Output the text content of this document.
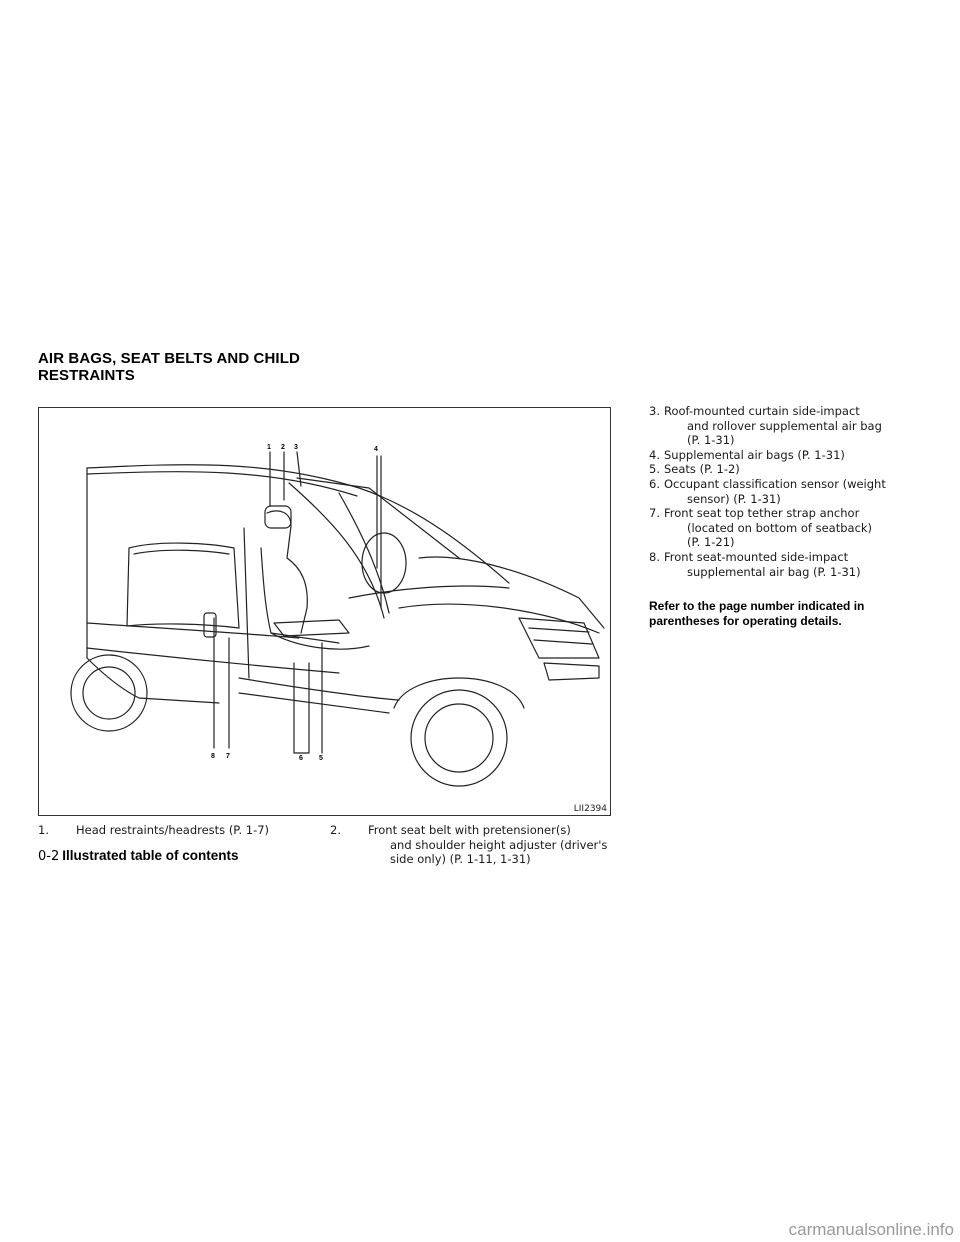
AIR BAGS, SEAT BELTS AND CHILD
RESTRAINTS
1 2 3	4
5
6
7
8
LII2394
1. Head restraints/headrests (P. 1-7)	2. Front seat belt with pretensioner(s)
and shoulder height adjuster (driver's
side only) (P. 1-11, 1-31)
3. Roof-mounted curtain side-impact
and rollover supplemental air bag
(P. 1-31)
4. Supplemental air bags (P. 1-31)
5. Seats (P. 1-2)
6. Occupant classification sensor (weight
sensor) (P. 1-31)
7. Front seat top tether strap anchor
(located on bottom of seatback)
(P. 1-21)
8. Front seat-mounted side-impact
supplemental air bag (P. 1-31)
Refer to the page number indicated in parentheses for operating details.
0-2 Illustrated table of contents
carmanualsonline.info
